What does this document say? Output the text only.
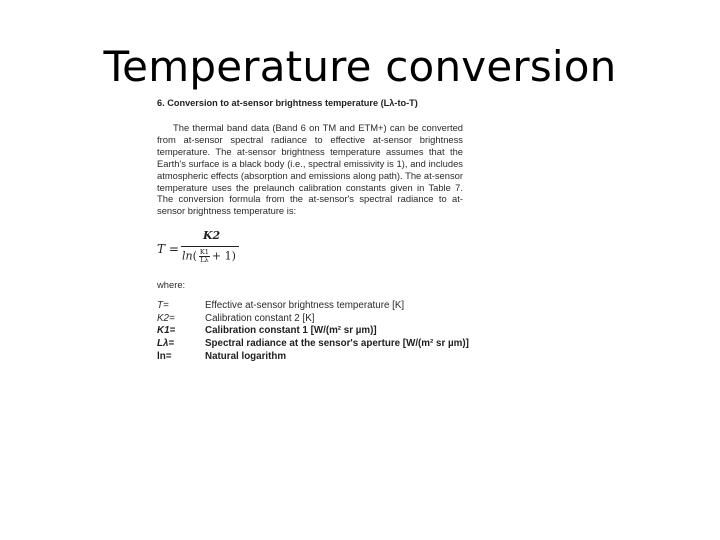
Temperature conversion
6. Conversion to at-sensor brightness temperature (Lλ-to-T)
The thermal band data (Band 6 on TM and ETM+) can be converted from at-sensor spectral radiance to effective at-sensor brightness temperature. The at-sensor brightness temperature assumes that the Earth's surface is a black body (i.e., spectral emissivity is 1), and includes atmospheric effects (absorption and emissions along path). The at-sensor temperature uses the prelaunch calibration constants given in Table 7. The conversion formula from the at-sensor's spectral radiance to at-sensor brightness temperature is:
T =
K2
$\ln( \frac{K1}{L\lambda} + 1)$
where:
T=	Effective at-sensor brightness temperature [K]
K2=	Calibration constant 2 [K]
K1=	Calibration constant 1 [W/(m² sr µm)]
Lλ=	Spectral radiance at the sensor's aperture [W/(m² sr µm)]
ln=	Natural logarithm
